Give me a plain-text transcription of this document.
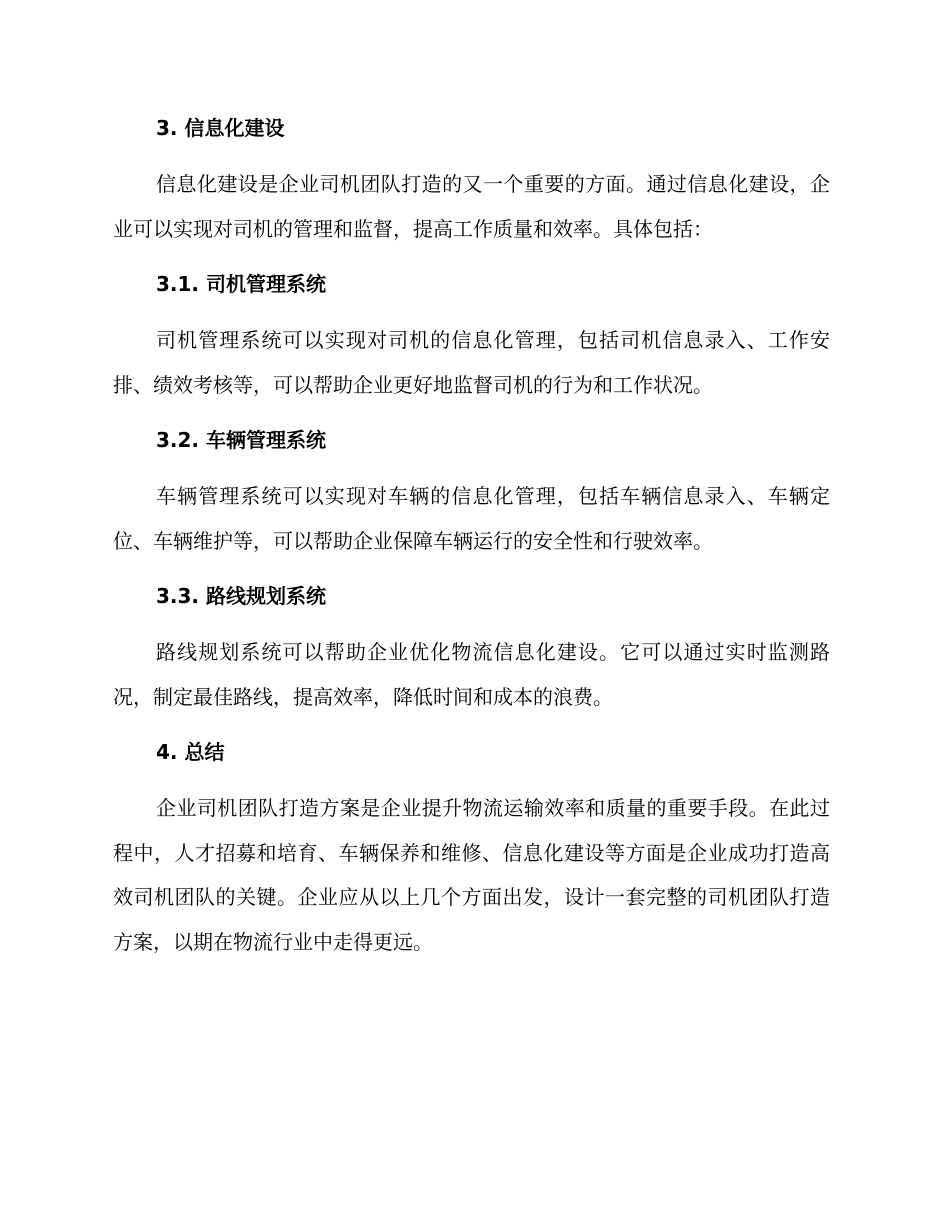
3. 信息化建设

信息化建设是企业司机团队打造的又一个重要的方面。通过信息化建设，企业可以实现对司机的管理和监督，提高工作质量和效率。具体包括：

3.1. 司机管理系统

司机管理系统可以实现对司机的信息化管理，包括司机信息录入、工作安排、绩效考核等，可以帮助企业更好地监督司机的行为和工作状况。

3.2. 车辆管理系统

车辆管理系统可以实现对车辆的信息化管理，包括车辆信息录入、车辆定位、车辆维护等，可以帮助企业保障车辆运行的安全性和行驶效率。

3.3. 路线规划系统

路线规划系统可以帮助企业优化物流信息化建设。它可以通过实时监测路况，制定最佳路线，提高效率，降低时间和成本的浪费。

4. 总结

企业司机团队打造方案是企业提升物流运输效率和质量的重要手段。在此过程中，人才招募和培育、车辆保养和维修、信息化建设等方面是企业成功打造高效司机团队的关键。企业应从以上几个方面出发，设计一套完整的司机团队打造方案，以期在物流行业中走得更远。
